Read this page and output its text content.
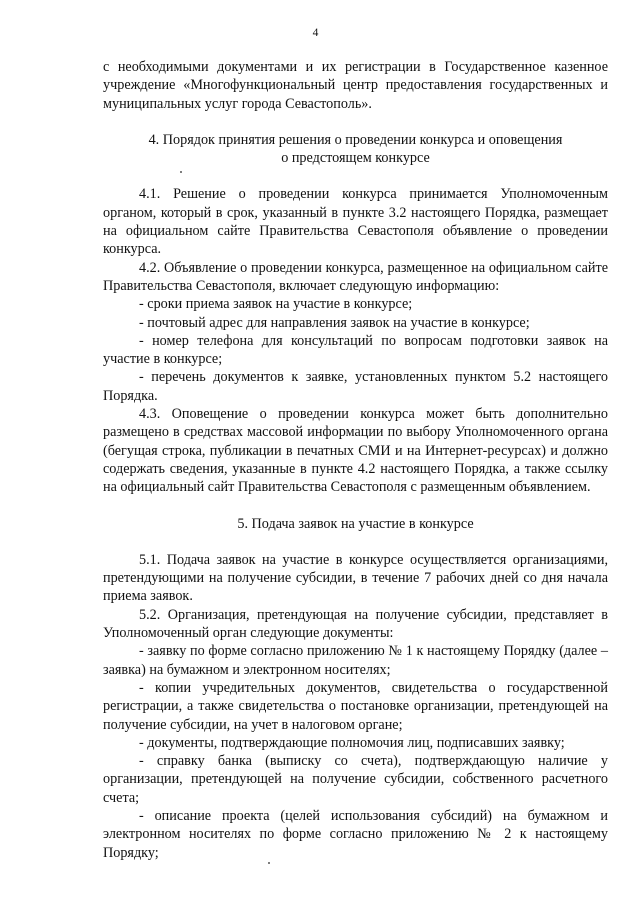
4

с необходимыми документами и их регистрации в Государственное казенное учреждение «Многофункциональный центр предоставления государственных и муниципальных услуг города Севастополь».

4. Порядок принятия решения о проведении конкурса и оповещения

о предстоящем конкурсе

4.1. Решение о проведении конкурса принимается Уполномоченным органом, который в срок, указанный в пункте 3.2 настоящего Порядка, размещает на официальном сайте Правительства Севастополя объявление о проведении конкурса.

4.2. Объявление о проведении конкурса, размещенное на официальном сайте Правительства Севастополя, включает следующую информацию:

- сроки приема заявок на участие в конкурсе;

- почтовый адрес для направления заявок на участие в конкурсе;

- номер телефона для консультаций по вопросам подготовки заявок на участие в конкурсе;

- перечень документов к заявке, установленных пунктом 5.2 настоящего Порядка.

4.3. Оповещение о проведении конкурса может быть дополнительно размещено в средствах массовой информации по выбору Уполномоченного органа (бегущая строка, публикации в печатных СМИ и на Интернет-ресурсах) и должно содержать сведения, указанные в пункте 4.2 настоящего Порядка, а также ссылку на официальный сайт Правительства Севастополя с размещенным объявлением.

5. Подача заявок на участие в конкурсе

5.1. Подача заявок на участие в конкурсе осуществляется организациями, претендующими на получение субсидии, в течение 7 рабочих дней со дня начала приема заявок.

5.2. Организация, претендующая на получение субсидии, представляет в Уполномоченный орган следующие документы:

- заявку по форме согласно приложению № 1 к настоящему Порядку (далее – заявка) на бумажном и электронном носителях;

- копии учредительных документов, свидетельства о государственной регистрации, а также свидетельства о постановке организации, претендующей на получение субсидии, на учет в налоговом органе;

- документы, подтверждающие полномочия лиц, подписавших заявку;

- справку банка (выписку со счета), подтверждающую наличие у организации, претендующей на получение субсидии, собственного расчетного счета;

- описание проекта (целей использования субсидий) на бумажном и электронном носителях по форме согласно приложению № 2 к настоящему Порядку;
